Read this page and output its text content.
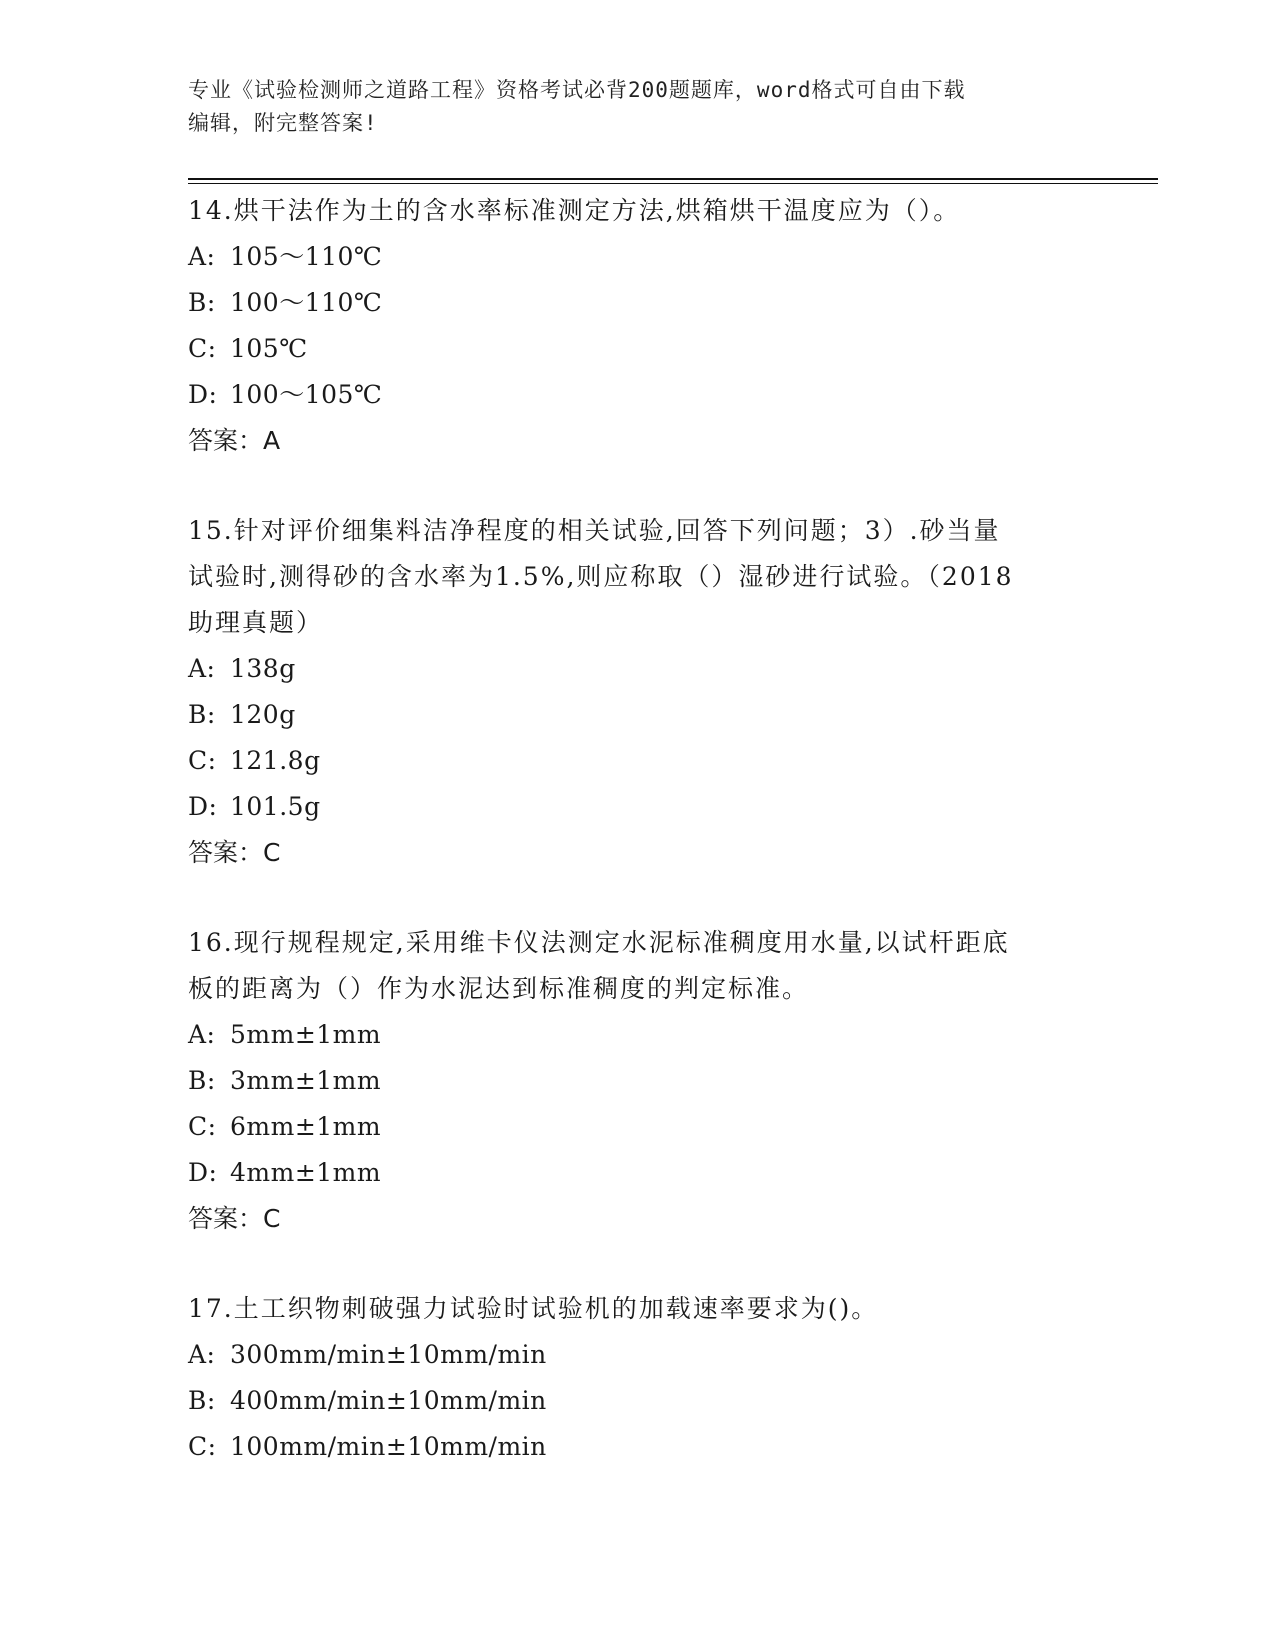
专业《试验检测师之道路工程》资格考试必背200题题库，word格式可自由下载
编辑，附完整答案!
14.烘干法作为土的含水率标准测定方法,烘箱烘干温度应为（）。
A: 105～110℃
B: 100～110℃
C: 105℃
D: 100～105℃
答案：A
15.针对评价细集料洁净程度的相关试验,回答下列问题；3）.砂当量
试验时,测得砂的含水率为1.5%,则应称取（）湿砂进行试验。（2018
助理真题）
A: 138g
B: 120g
C: 121.8g
D: 101.5g
答案：C
16.现行规程规定,采用维卡仪法测定水泥标准稠度用水量,以试杆距底
板的距离为（）作为水泥达到标准稠度的判定标准。
A: 5mm±1mm
B: 3mm±1mm
C: 6mm±1mm
D: 4mm±1mm
答案：C
17.土工织物刺破强力试验时试验机的加载速率要求为()。
A: 300mm/min±10mm/min
B: 400mm/min±10mm/min
C: 100mm/min±10mm/min
